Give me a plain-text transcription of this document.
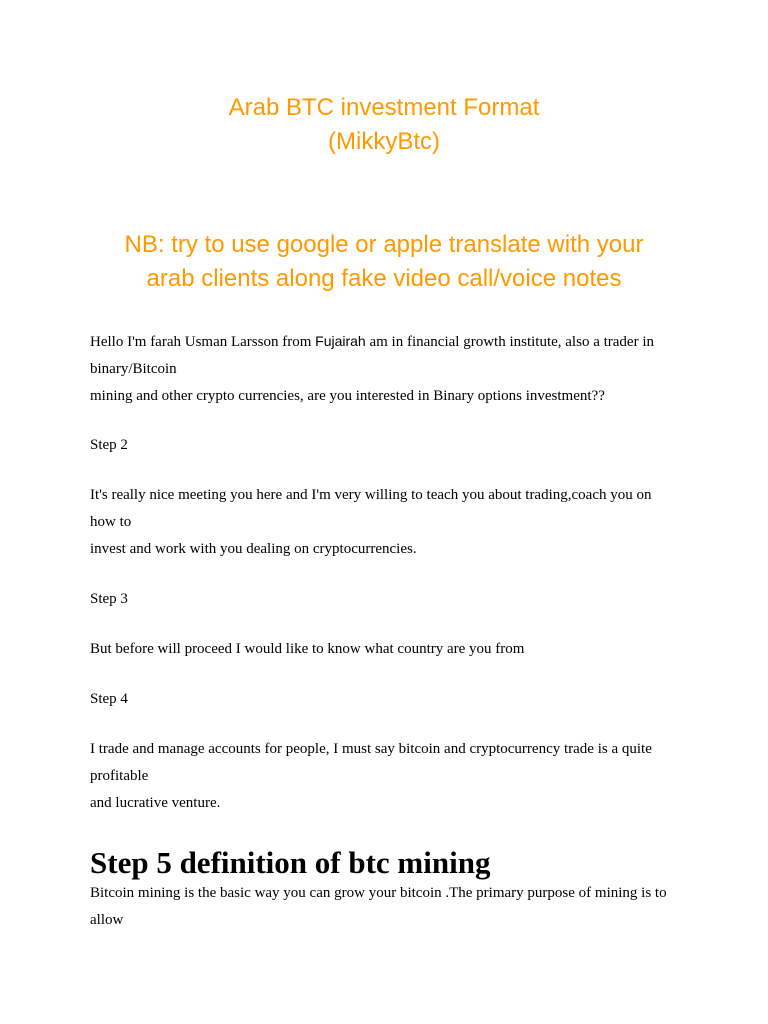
Arab BTC investment Format
(MikkyBtc)
NB: try to use google or apple translate with your
arab clients along fake video call/voice notes
Hello I'm farah Usman Larsson from Fujairah am in financial growth institute, also a trader in
binary/Bitcoin
mining and other crypto currencies, are you interested in Binary options investment??
Step 2
It's really nice meeting you here and I'm very willing to teach you about trading,coach you on
how to
invest and work with you dealing on cryptocurrencies.
Step 3
But before will proceed I would like to know what country are you from
Step 4
I trade and manage accounts for people, I must say bitcoin and cryptocurrency trade is a quite
profitable
and lucrative venture.
Step 5 definition of btc mining
Bitcoin mining is the basic way you can grow your bitcoin .The primary purpose of mining is to
allow
